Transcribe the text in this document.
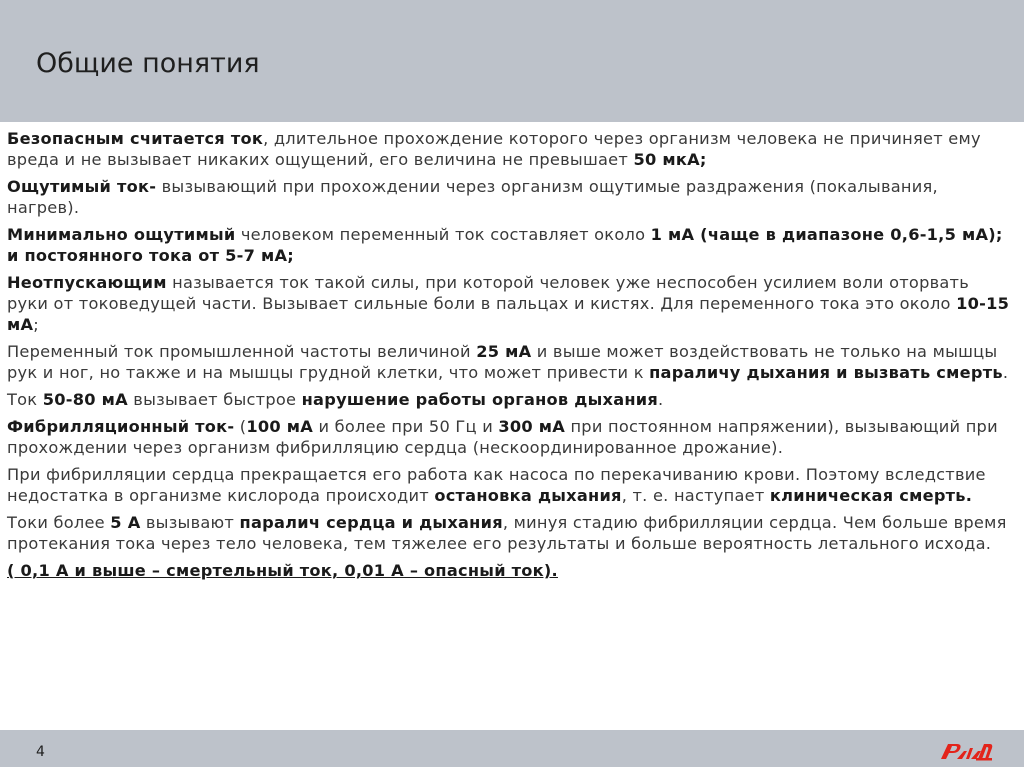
Общие понятия

Безопасным считается ток, длительное прохождение которого через организм человека не причиняет ему вреда и не вызывает никаких ощущений, его величина не превышает 50 мкА;

Ощутимый ток- вызывающий при прохождении через организм ощутимые раздражения (покалывания, нагрев).

Минимально ощутимый человеком переменный ток составляет около 1 мА (чаще в диапазоне 0,6-1,5 мА); и постоянного тока от 5-7 мА;

Неотпускающим называется ток такой силы, при которой человек уже неспособен усилием воли оторвать руки от токоведущей части. Вызывает сильные боли в пальцах и кистях. Для переменного тока это около 10-15 мА;

Переменный ток промышленной частоты величиной 25 мА и выше может воздействовать не только на мышцы рук и ног, но также и на мышцы грудной клетки, что может привести к параличу дыхания и вызвать смерть.

Ток 50-80 мА вызывает быстрое нарушение работы органов дыхания.

Фибрилляционный ток- (100 мА и более при 50 Гц и 300 мА при постоянном напряжении), вызывающий при прохождении через организм фибрилляцию сердца (нескоординированное дрожание).

При фибрилляции сердца прекращается его работа как насоса по перекачиванию крови. Поэтому вследствие недостатка в организме кислорода происходит остановка дыхания, т. е. наступает клиническая смерть.

Токи более 5 А вызывают паралич сердца и дыхания, минуя стадию фибрилляции сердца. Чем больше время протекания тока через тело человека, тем тяжелее его результаты и больше вероятность летального исхода.

( 0,1 А и выше – смертельный ток, 0,01 А – опасный ток).

4
